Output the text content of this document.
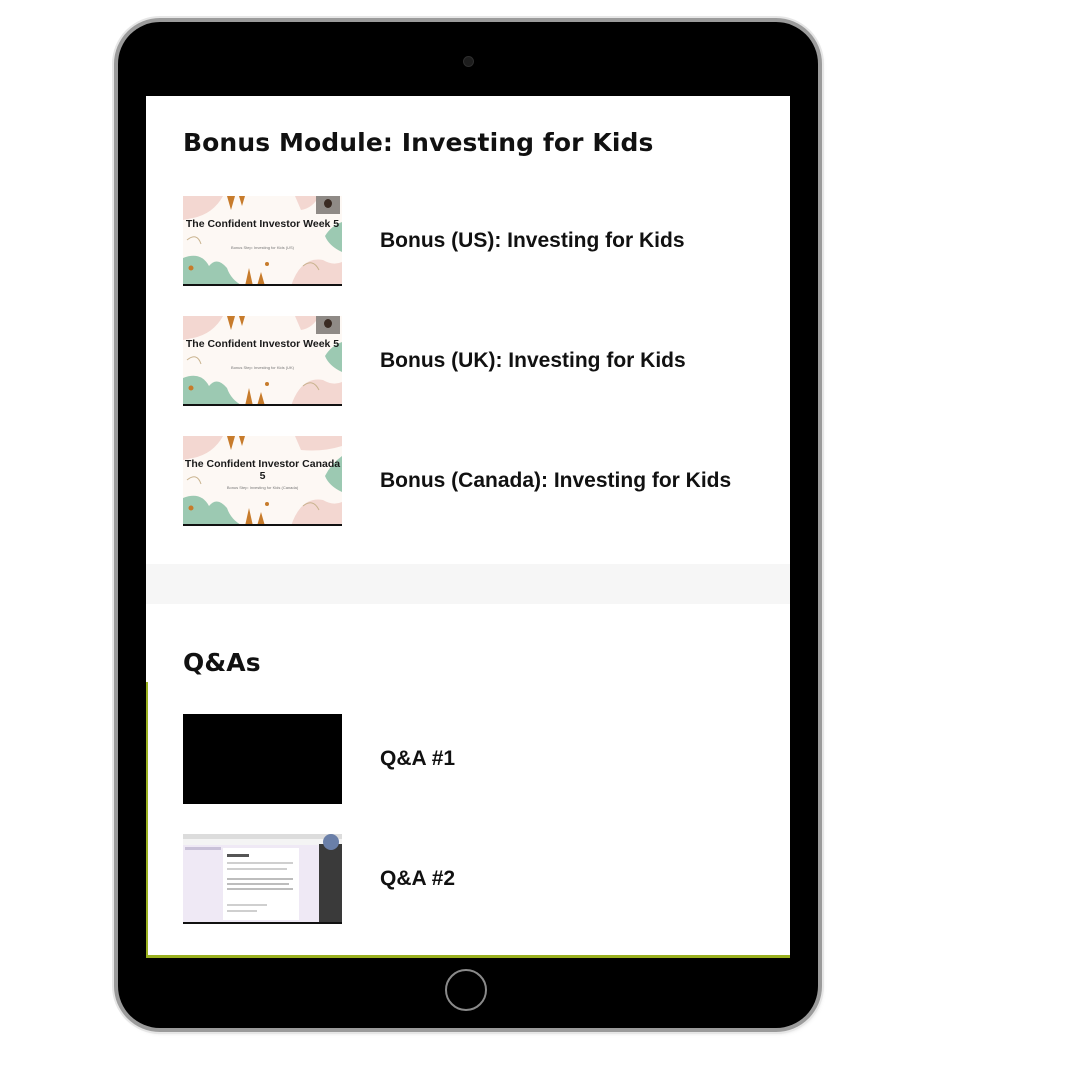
Bonus Module: Investing for Kids
The Confident Investor Week 5
Bonus Step: Investing for Kids (US)	Bonus (US): Investing for Kids
The Confident Investor Week 5
Bonus Step: Investing for Kids (UK)	Bonus (UK): Investing for Kids
The Confident Investor Canada 5
Bonus Step: Investing for Kids (Canada)	Bonus (Canada): Investing for Kids
Q&As
Q&A #1
Q&A #2
